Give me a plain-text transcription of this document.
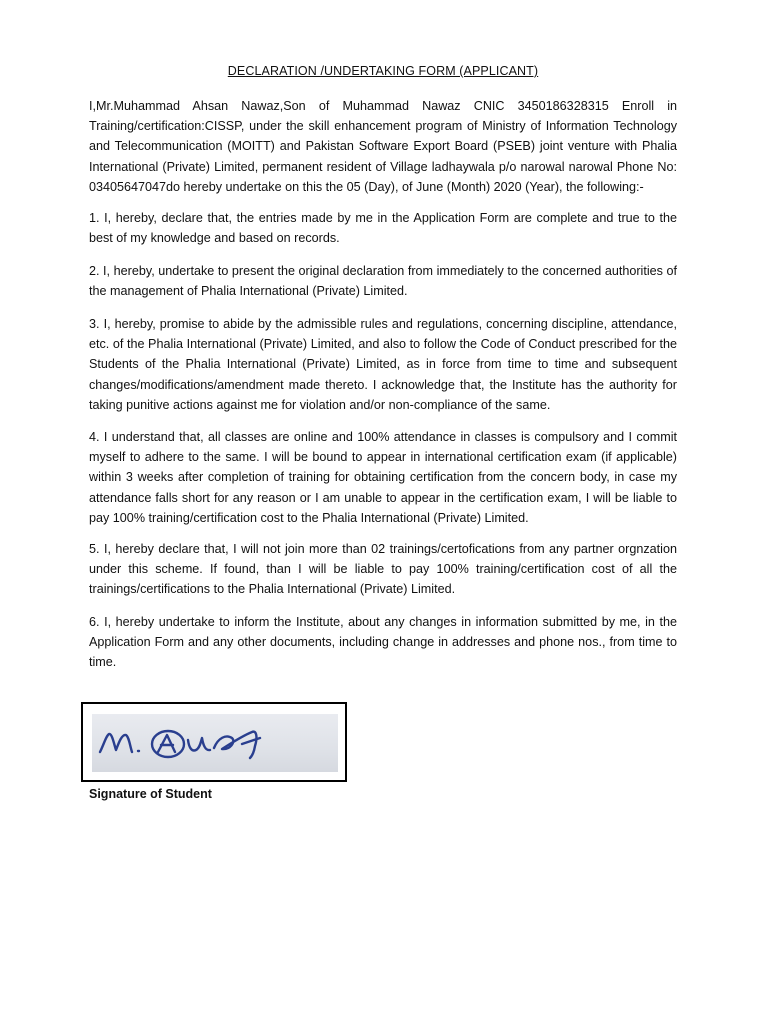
DECLARATION /UNDERTAKING FORM (APPLICANT)

I,Mr.Muhammad Ahsan Nawaz,Son of Muhammad Nawaz CNIC 3450186328315 Enroll in Training/certification:CISSP, under the skill enhancement program of Ministry of Information Technology and Telecommunication (MOITT) and Pakistan Software Export Board (PSEB) joint venture with Phalia International (Private) Limited, permanent resident of Village ladhaywala p/o narowal narowal Phone No: 03405647047do hereby undertake on this the 05 (Day), of June (Month) 2020 (Year), the following:-

1. I, hereby, declare that, the entries made by me in the Application Form are complete and true to the best of my knowledge and based on records.

2. I, hereby, undertake to present the original declaration from immediately to the concerned authorities of the management of Phalia International (Private) Limited.

3. I, hereby, promise to abide by the admissible rules and regulations, concerning discipline, attendance, etc. of the Phalia International (Private) Limited, and also to follow the Code of Conduct prescribed for the Students of the Phalia International (Private) Limited, as in force from time to time and subsequent changes/modifications/amendment made thereto. I acknowledge that, the Institute has the authority for taking punitive actions against me for violation and/or non-compliance of the same.

4. I understand that, all classes are online and 100% attendance in classes is compulsory and I commit myself to adhere to the same. I will be bound to appear in international certification exam (if applicable) within 3 weeks after completion of training for obtaining certification from the concern body, in case my attendance falls short for any reason or I am unable to appear in the certification exam, I will be liable to pay 100% training/certification cost to the Phalia International (Private) Limited.

5. I, hereby declare that, I will not join more than 02 trainings/certofications from any partner orgnzation under this scheme. If found, than I will be liable to pay 100% training/certification cost of all the trainings/certifications to the Phalia International (Private) Limited.

6. I, hereby undertake to inform the Institute, about any changes in information submitted by me, in the Application Form and any other documents, including change in addresses and phone nos., from time to time.

Signature of Student
